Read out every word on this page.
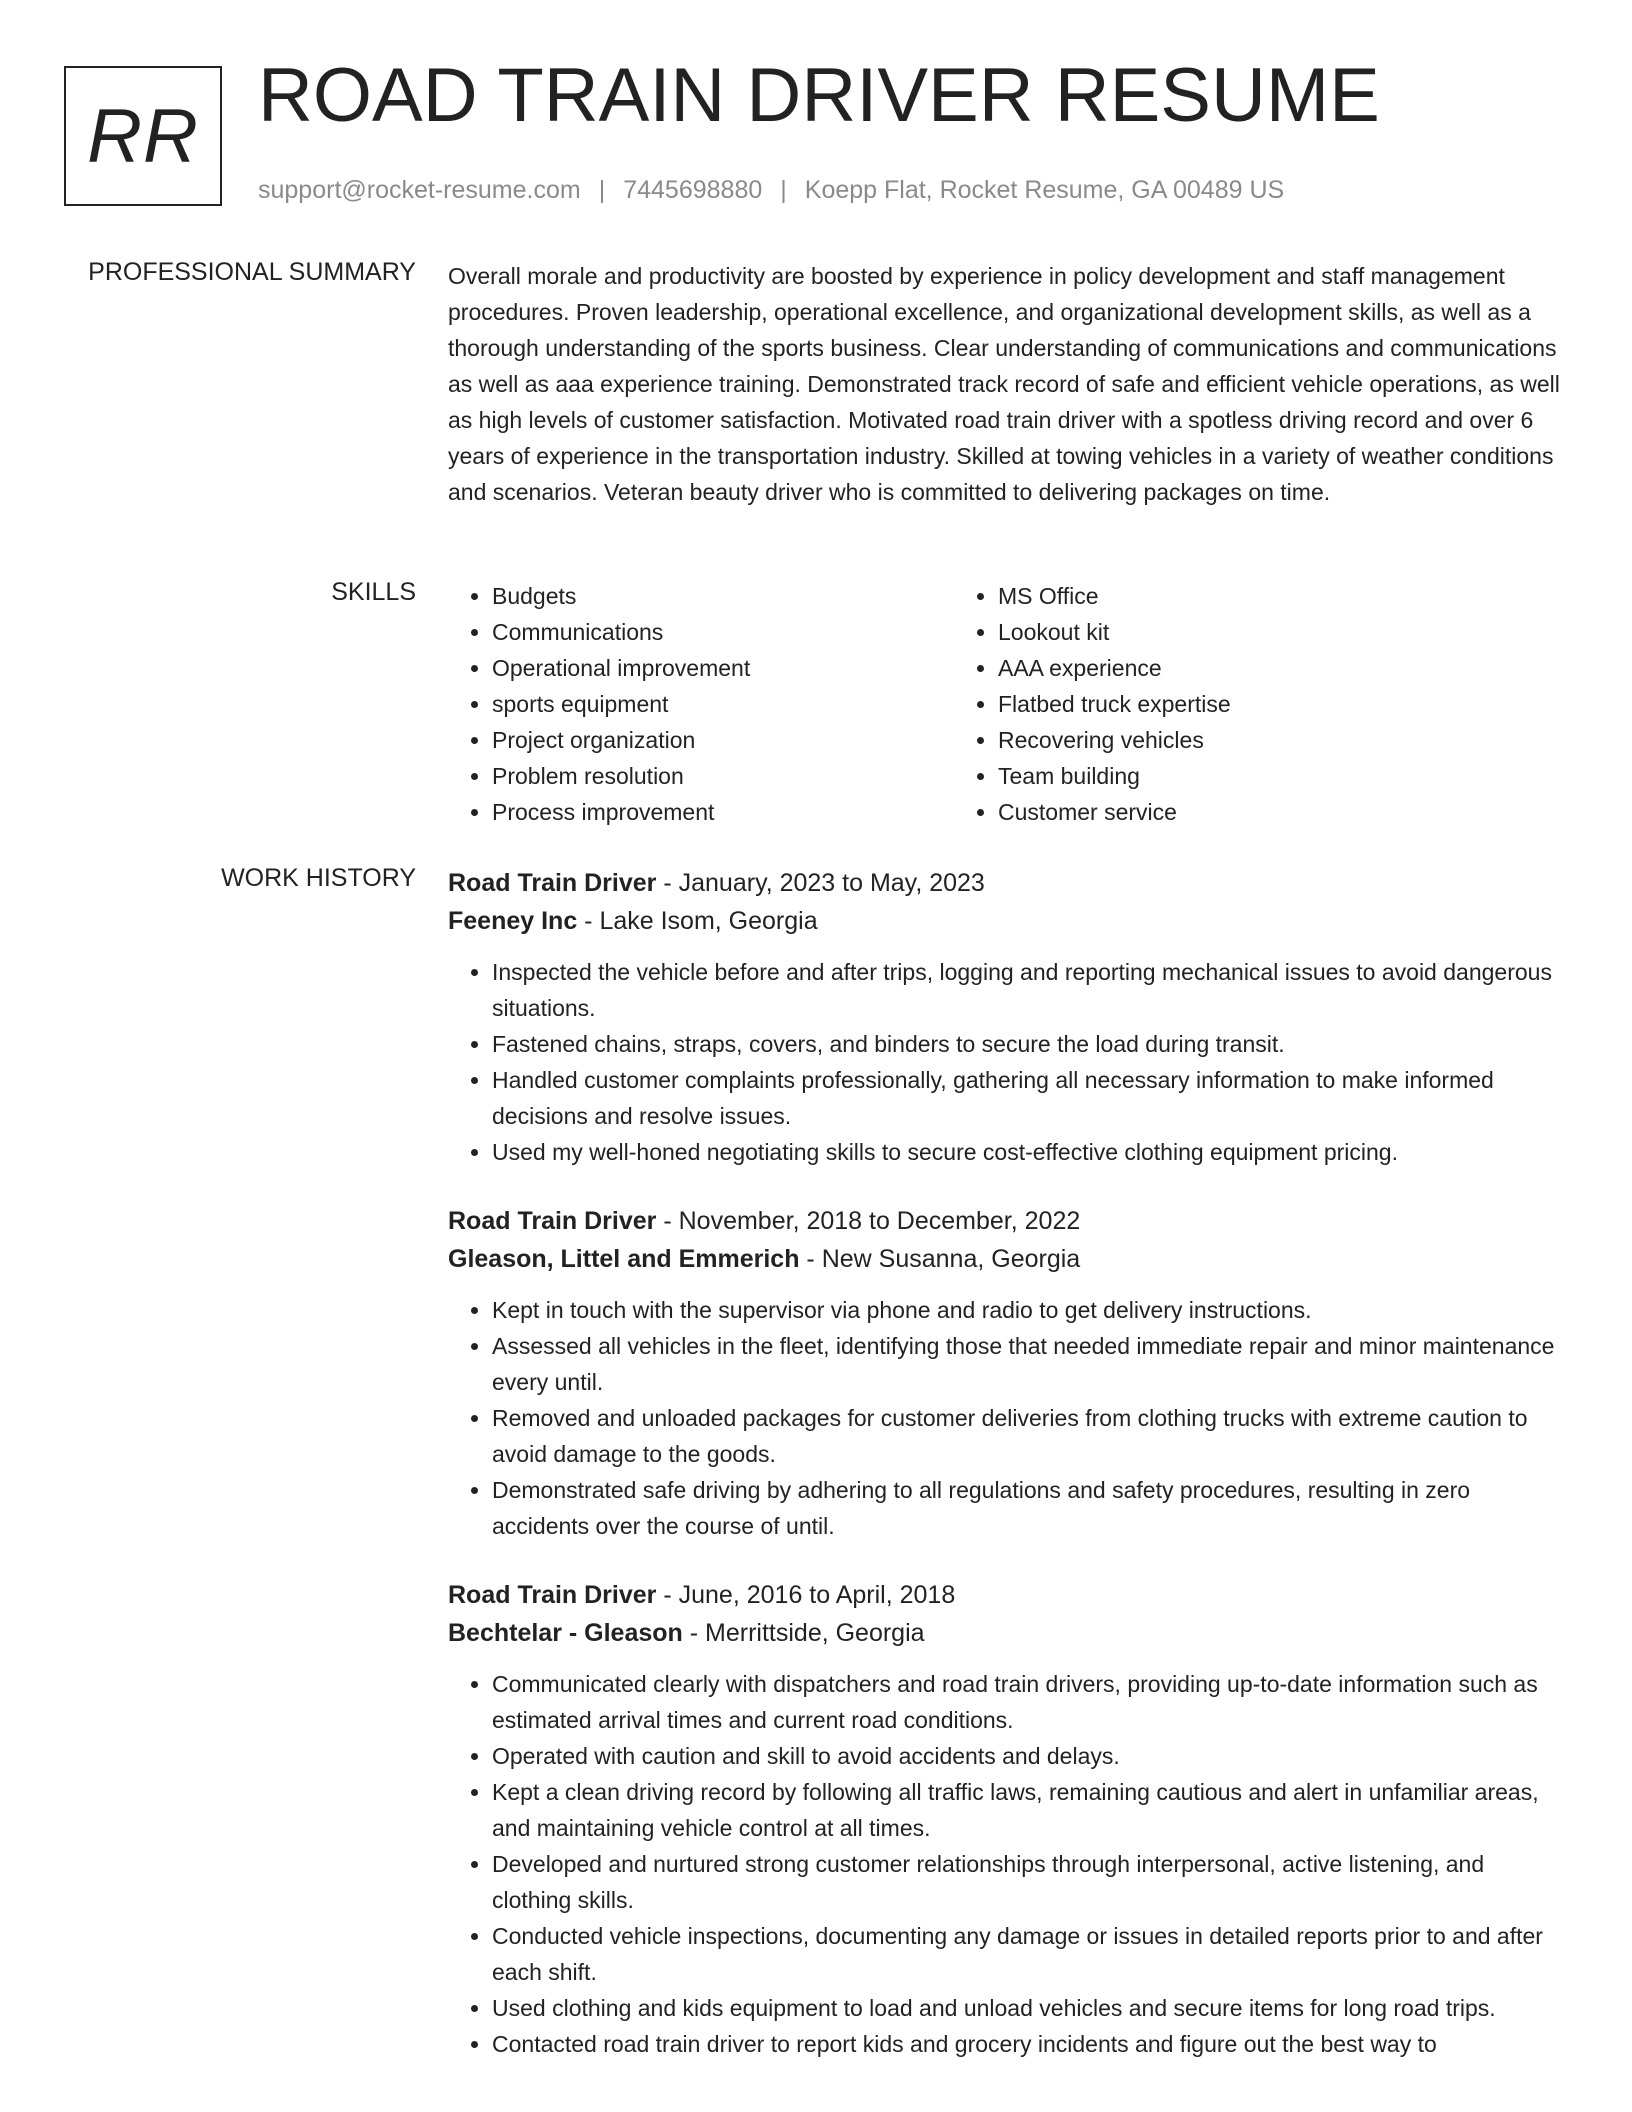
RR ROAD TRAIN DRIVER RESUME
support@rocket-resume.com | 7445698880 | Koepp Flat, Rocket Resume, GA 00489 US
PROFESSIONAL SUMMARY Overall morale and productivity are boosted by experience in policy development and staff management procedures. Proven leadership, operational excellence, and organizational development skills, as well as a thorough understanding of the sports business. Clear understanding of communications and communications as well as aaa experience training. Demonstrated track record of safe and efficient vehicle operations, as well as high levels of customer satisfaction. Motivated road train driver with a spotless driving record and over 6 years of experience in the transportation industry. Skilled at towing vehicles in a variety of weather conditions and scenarios. Veteran beauty driver who is committed to delivering packages on time.

SKILLS
•	Budgets
• Communications
• Operational improvement
• sports equipment
• Project organization
• Problem resolution
• Process improvement
• MS Office
• Lookout kit
• AAA experience
• Flatbed truck expertise
• Recovering vehicles
• Team building
• Customer service
WORK HISTORY Road Train Driver - January, 2023 to May, 2023
Feeney Inc - Lake Isom, Georgia
• Inspected the vehicle before and after trips, logging and reporting mechanical issues to avoid dangerous situations.
• Fastened chains, straps, covers, and binders to secure the load during transit.
• Handled customer complaints professionally, gathering all necessary information to make informed decisions and resolve issues.
• Used my well-honed negotiating skills to secure cost-effective clothing equipment pricing.
Road Train Driver - November, 2018 to December, 2022
Gleason, Littel and Emmerich - New Susanna, Georgia
• Kept in touch with the supervisor via phone and radio to get delivery instructions.
• Assessed all vehicles in the fleet, identifying those that needed immediate repair and minor maintenance every until.
• Removed and unloaded packages for customer deliveries from clothing trucks with extreme caution to avoid damage to the goods.
• Demonstrated safe driving by adhering to all regulations and safety procedures, resulting in zero accidents over the course of until.
Road Train Driver - June, 2016 to April, 2018
Bechtelar - Gleason - Merrittside, Georgia
• Communicated clearly with dispatchers and road train drivers, providing up-to-date information such as estimated arrival times and current road conditions.
• Operated with caution and skill to avoid accidents and delays.
• Kept a clean driving record by following all traffic laws, remaining cautious and alert in unfamiliar areas, and maintaining vehicle control at all times.
• Developed and nurtured strong customer relationships through interpersonal, active listening, and clothing skills.
• Conducted vehicle inspections, documenting any damage or issues in detailed reports prior to and after each shift.
• Used clothing and kids equipment to load and unload vehicles and secure items for long road trips.
• Contacted road train driver to report kids and grocery incidents and figure out the best way to
